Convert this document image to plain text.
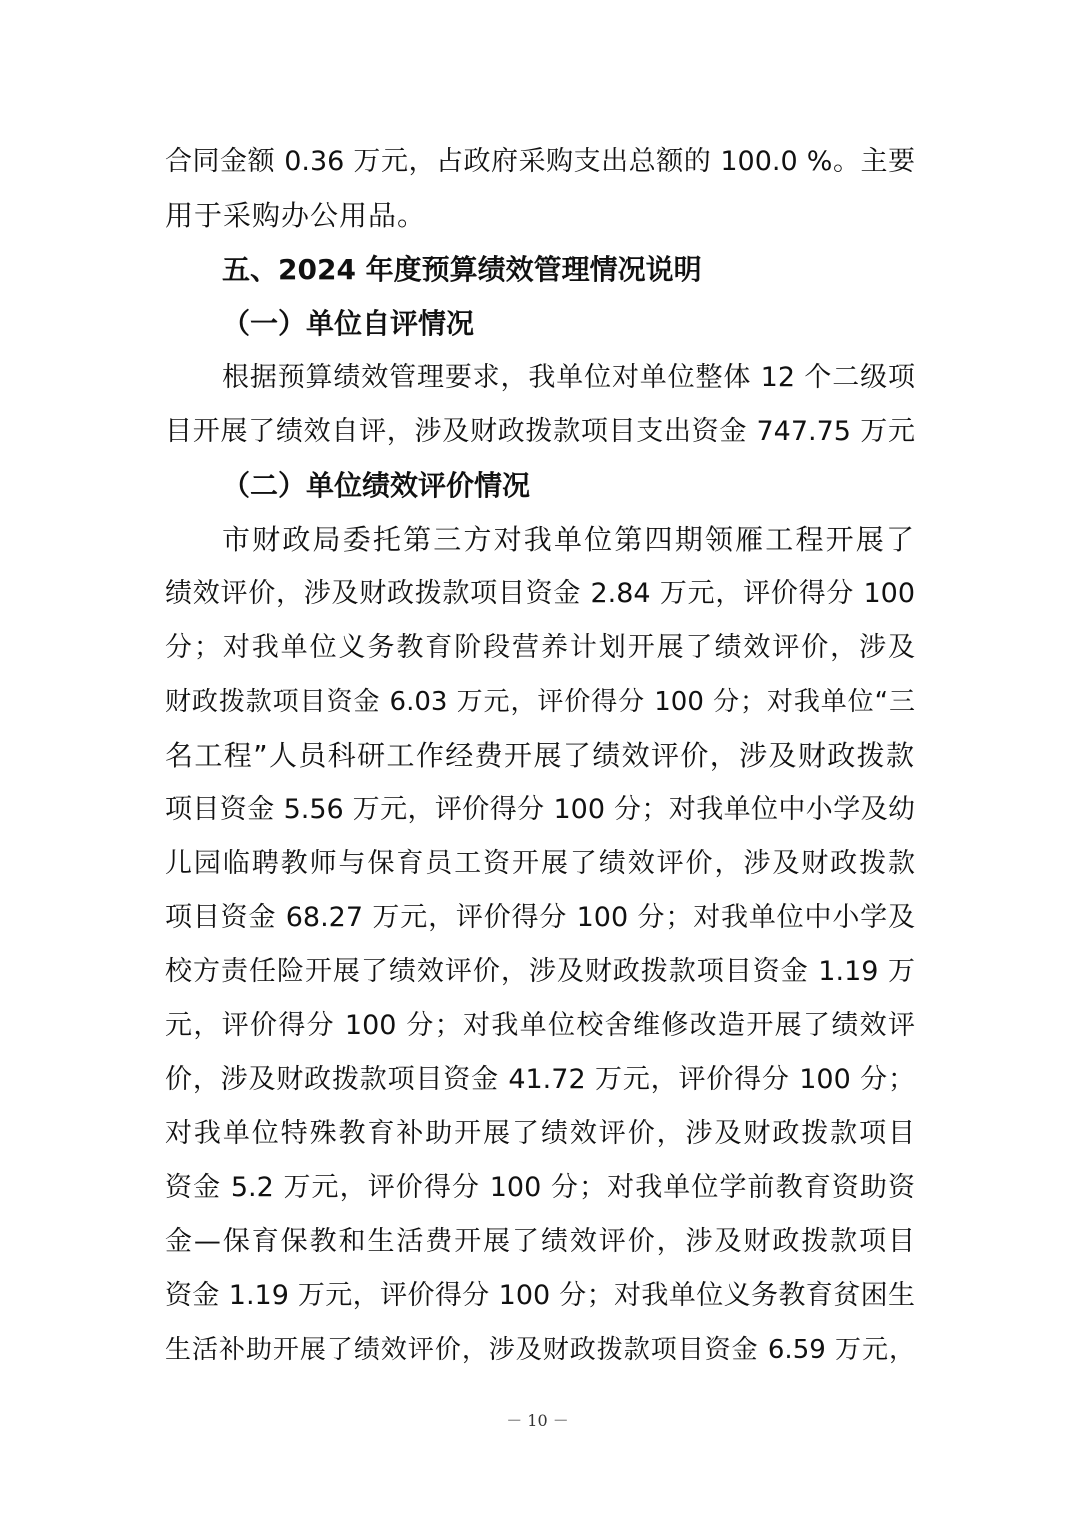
合同金额 0.36 万元，占政府采购支出总额的 100.0 %。主要
用于采购办公用品。
五、2024 年度预算绩效管理情况说明
（一）单位自评情况
根据预算绩效管理要求，我单位对单位整体 12 个二级项
目开展了绩效自评，涉及财政拨款项目支出资金 747.75 万元
（二）单位绩效评价情况
市财政局委托第三方对我单位第四期领雁工程开展了
绩效评价，涉及财政拨款项目资金 2.84 万元，评价得分 100
分；对我单位义务教育阶段营养计划开展了绩效评价，涉及
财政拨款项目资金 6.03 万元，评价得分 100 分；对我单位“三
名工程”人员科研工作经费开展了绩效评价，涉及财政拨款
项目资金 5.56 万元，评价得分 100 分；对我单位中小学及幼
儿园临聘教师与保育员工资开展了绩效评价，涉及财政拨款
项目资金 68.27 万元，评价得分 100 分；对我单位中小学及
校方责任险开展了绩效评价，涉及财政拨款项目资金 1.19 万
元，评价得分 100 分；对我单位校舍维修改造开展了绩效评
价，涉及财政拨款项目资金 41.72 万元，评价得分 100 分；
对我单位特殊教育补助开展了绩效评价，涉及财政拨款项目
资金 5.2 万元，评价得分 100 分；对我单位学前教育资助资
金—保育保教和生活费开展了绩效评价，涉及财政拨款项目
资金 1.19 万元，评价得分 100 分；对我单位义务教育贫困生
生活补助开展了绩效评价，涉及财政拨款项目资金 6.59 万元，
－ 10 －
